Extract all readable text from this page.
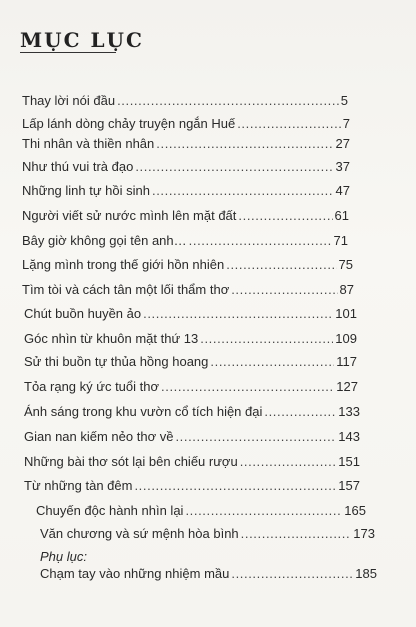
MỤC LỤC
Thay lời nói đầu .....	5
Lấp lánh dòng chảy truyện ngắn Huế .....	7
Thi nhân và thiền nhân .....	27
Như thú vui trà đạo .....	37
Những linh tự hồi sinh .....	47
Người viết sử nước mình lên mặt đất .....	61
Bây giờ không gọi tên anh… .....	71
Lặng mình trong thế giới hồn nhiên .....	75
Tìm tòi và cách tân một lối thẩm thơ .....	87
Chút buồn huyền ảo .....	101
Góc nhìn từ khuôn mặt thứ 13 .....	109
Sử thi buồn tự thủa hồng hoang .....	117
Tỏa rạng ký ức tuổi thơ .....	127
Ánh sáng trong khu vườn cổ tích hiện đại .....	133
Gian nan kiếm nẻo thơ về .....	143
Những bài thơ sót lại bên chiếu rượu .....	151
Từ những tàn đêm .....	157
Chuyến độc hành nhìn lại .....	165
Văn chương và sứ mệnh hòa bình .....	173
Phụ lục:
Chạm tay vào những nhiệm mầu .....	185
